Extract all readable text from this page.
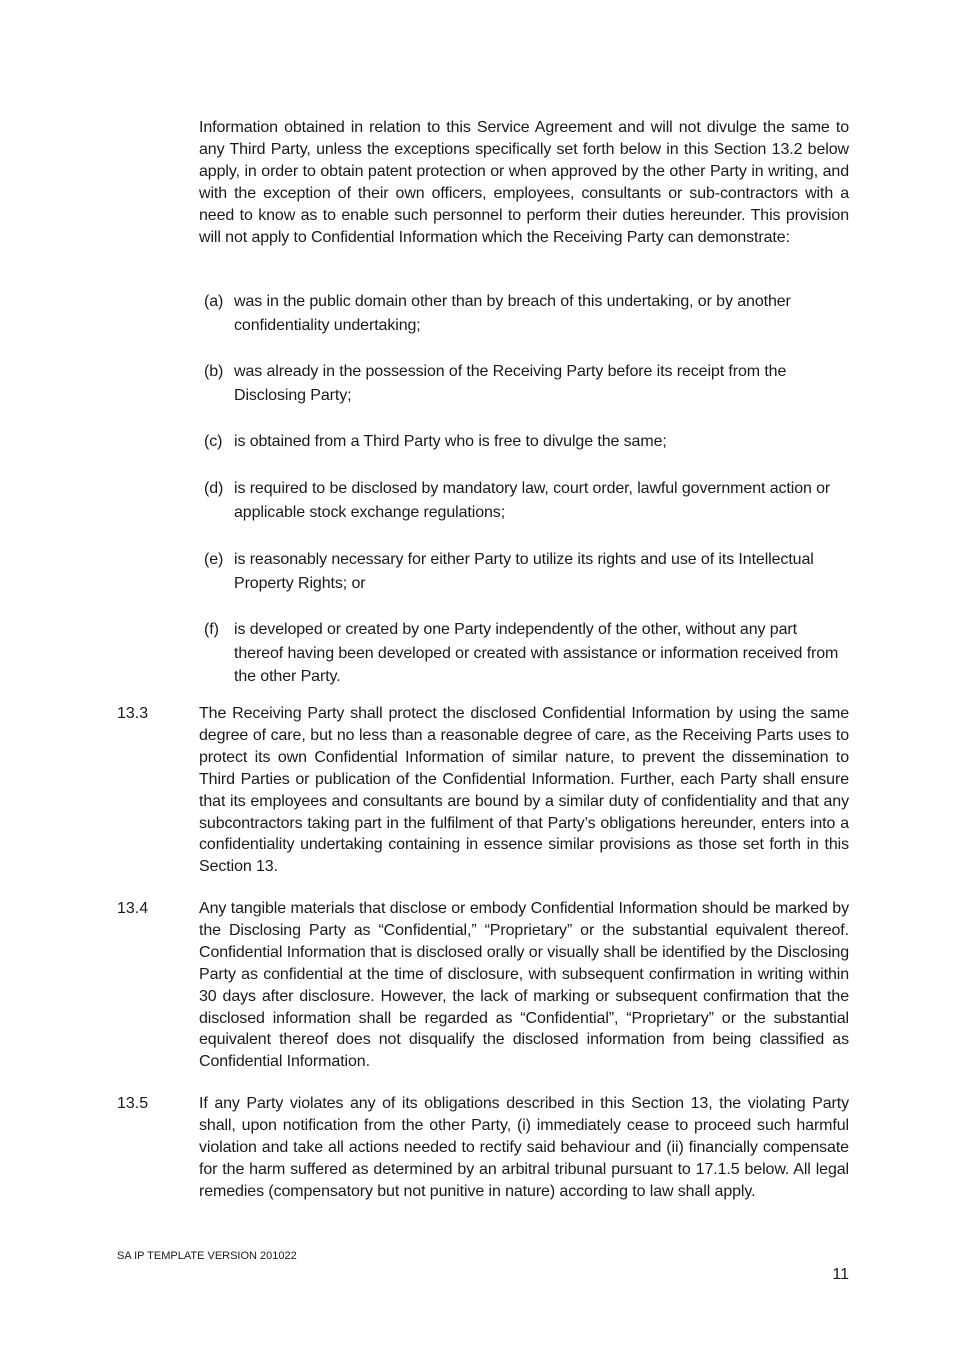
Information obtained in relation to this Service Agreement and will not divulge the same to any Third Party, unless the exceptions specifically set forth below in this Section 13.2 below apply, in order to obtain patent protection or when approved by the other Party in writing, and with the exception of their own officers, employees, consultants or sub-contractors with a need to know as to enable such personnel to perform their duties hereunder. This provision will not apply to Confidential Information which the Receiving Party can demonstrate:
(a) was in the public domain other than by breach of this undertaking, or by another confidentiality undertaking;
(b) was already in the possession of the Receiving Party before its receipt from the Disclosing Party;
(c) is obtained from a Third Party who is free to divulge the same;
(d) is required to be disclosed by mandatory law, court order, lawful government action or applicable stock exchange regulations;
(e) is reasonably necessary for either Party to utilize its rights and use of its Intellectual Property Rights; or
(f) is developed or created by one Party independently of the other, without any part thereof having been developed or created with assistance or information received from the other Party.
13.3	The Receiving Party shall protect the disclosed Confidential Information by using the same degree of care, but no less than a reasonable degree of care, as the Receiving Parts uses to protect its own Confidential Information of similar nature, to prevent the dissemination to Third Parties or publication of the Confidential Information. Further, each Party shall ensure that its employees and consultants are bound by a similar duty of confidentiality and that any subcontractors taking part in the fulfilment of that Party’s obligations hereunder, enters into a confidentiality undertaking containing in essence similar provisions as those set forth in this Section 13.
13.4	Any tangible materials that disclose or embody Confidential Information should be marked by the Disclosing Party as “Confidential,” “Proprietary” or the substantial equivalent thereof. Confidential Information that is disclosed orally or visually shall be identified by the Disclosing Party as confidential at the time of disclosure, with subsequent confirmation in writing within 30 days after disclosure. However, the lack of marking or subsequent confirmation that the disclosed information shall be regarded as “Confidential”, “Proprietary” or the substantial equivalent thereof does not disqualify the disclosed information from being classified as Confidential Information.
13.5	If any Party violates any of its obligations described in this Section 13, the violating Party shall, upon notification from the other Party, (i) immediately cease to proceed such harmful violation and take all actions needed to rectify said behaviour and (ii) financially compensate for the harm suffered as determined by an arbitral tribunal pursuant to 17.1.5 below. All legal remedies (compensatory but not punitive in nature) according to law shall apply.
SA IP TEMPLATE VERSION 201022
11
